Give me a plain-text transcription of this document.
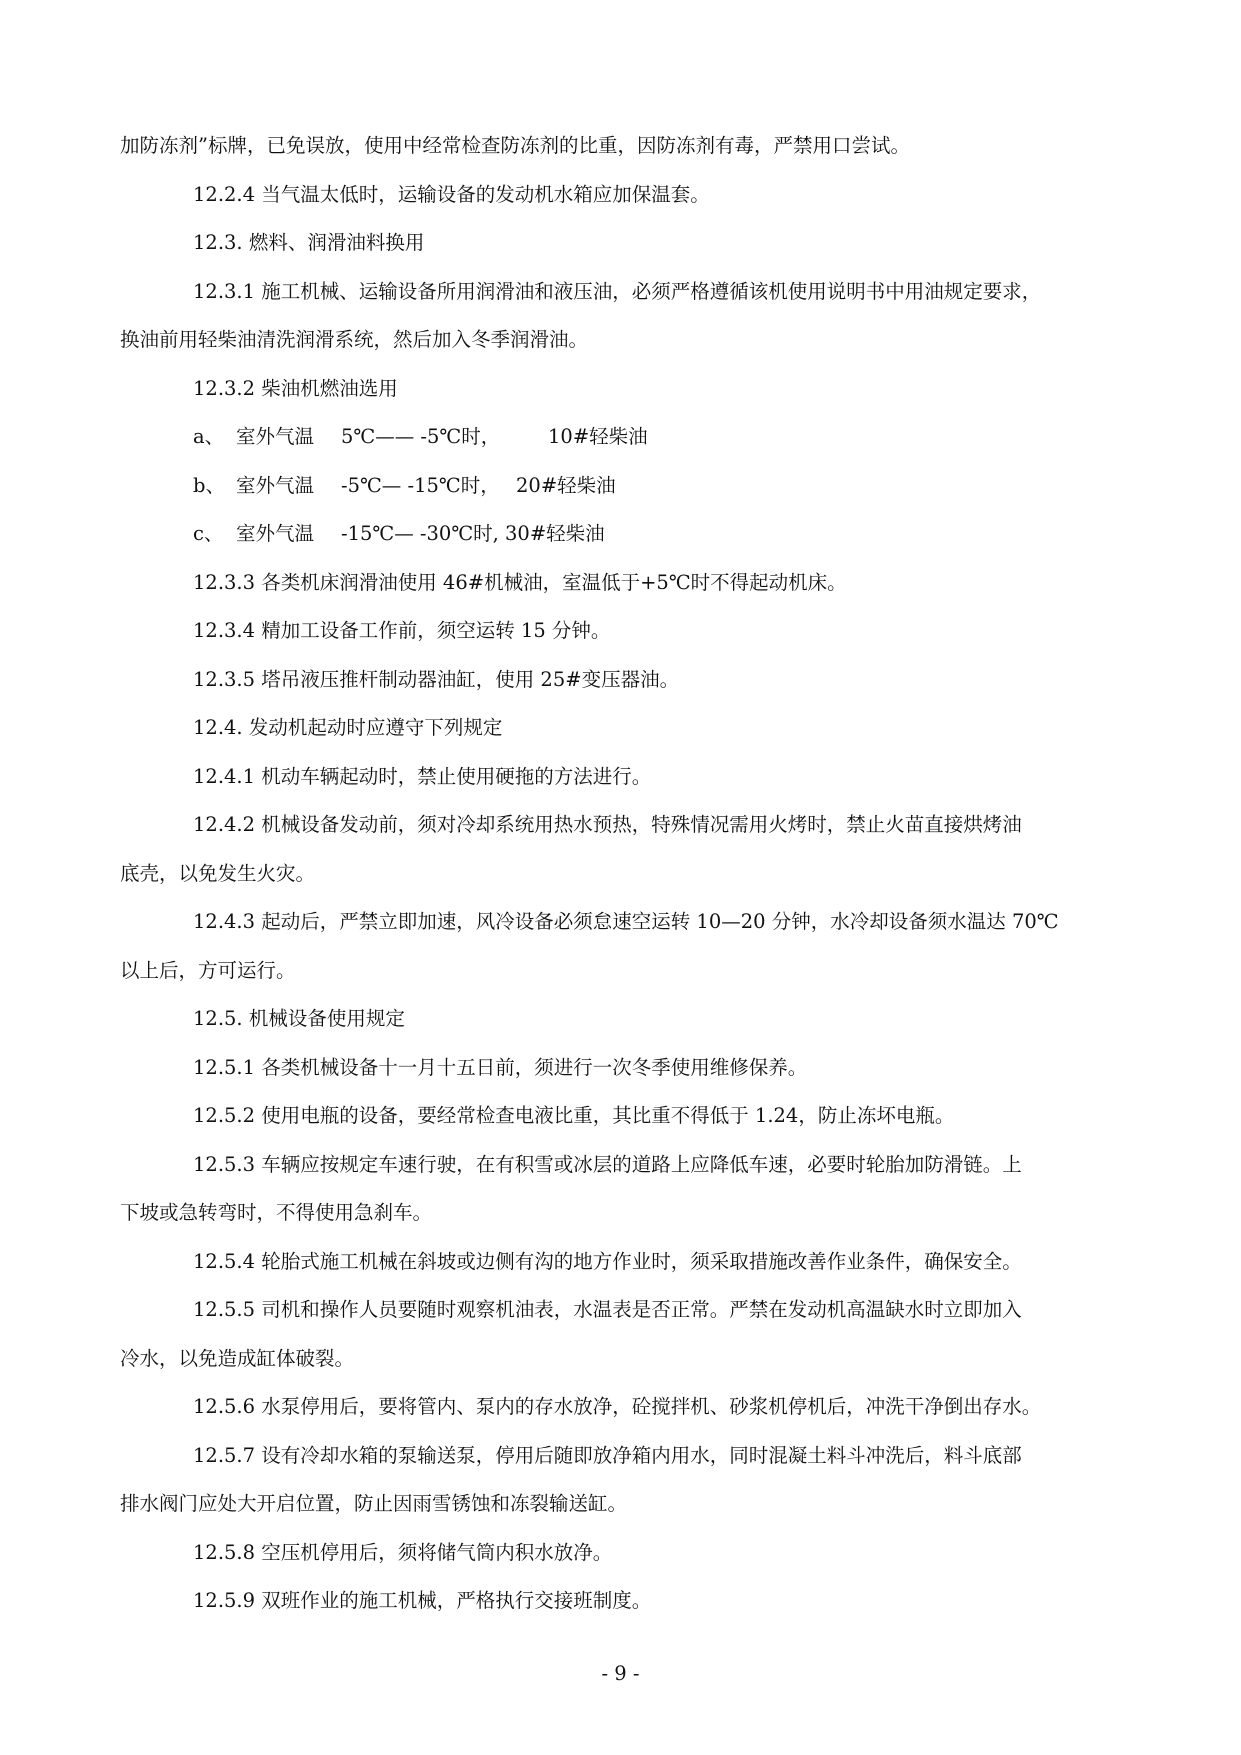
加防冻剂”标牌，已免误放，使用中经常检查防冻剂的比重，因防冻剂有毒，严禁用口尝试。
12.2.4 当气温太低时，运输设备的发动机水箱应加保温套。
12.3. 燃料、润滑油料换用
12.3.1 施工机械、运输设备所用润滑油和液压油，必须严格遵循该机使用说明书中用油规定要求，
换油前用轻柴油清洗润滑系统，然后加入冬季润滑油。
12.3.2 柴油机燃油选用
a、 室外气温 5℃—— -5℃时， 10#轻柴油
b、 室外气温 -5℃— -15℃时， 20#轻柴油
c、 室外气温 -15℃— -30℃时, 30#轻柴油
12.3.3 各类机床润滑油使用 46#机械油，室温低于+5℃时不得起动机床。
12.3.4 精加工设备工作前，须空运转 15 分钟。
12.3.5 塔吊液压推杆制动器油缸，使用 25#变压器油。
12.4. 发动机起动时应遵守下列规定
12.4.1 机动车辆起动时，禁止使用硬拖的方法进行。
12.4.2 机械设备发动前，须对冷却系统用热水预热，特殊情况需用火烤时，禁止火苗直接烘烤油
底壳，以免发生火灾。
12.4.3 起动后，严禁立即加速，风冷设备必须怠速空运转 10—20 分钟，水冷却设备须水温达 70℃
以上后，方可运行。
12.5. 机械设备使用规定
12.5.1 各类机械设备十一月十五日前，须进行一次冬季使用维修保养。
12.5.2 使用电瓶的设备，要经常检查电液比重，其比重不得低于 1.24，防止冻坏电瓶。
12.5.3 车辆应按规定车速行驶，在有积雪或冰层的道路上应降低车速，必要时轮胎加防滑链。上
下坡或急转弯时，不得使用急刹车。
12.5.4 轮胎式施工机械在斜坡或边侧有沟的地方作业时，须采取措施改善作业条件，确保安全。
12.5.5 司机和操作人员要随时观察机油表，水温表是否正常。严禁在发动机高温缺水时立即加入
冷水，以免造成缸体破裂。
12.5.6 水泵停用后，要将管内、泵内的存水放净，砼搅拌机、砂浆机停机后，冲洗干净倒出存水。
12.5.7 设有冷却水箱的泵输送泵，停用后随即放净箱内用水，同时混凝土料斗冲洗后，料斗底部
排水阀门应处大开启位置，防止因雨雪锈蚀和冻裂输送缸。
12.5.8 空压机停用后，须将储气筒内积水放净。
12.5.9 双班作业的施工机械，严格执行交接班制度。
- 9 -
